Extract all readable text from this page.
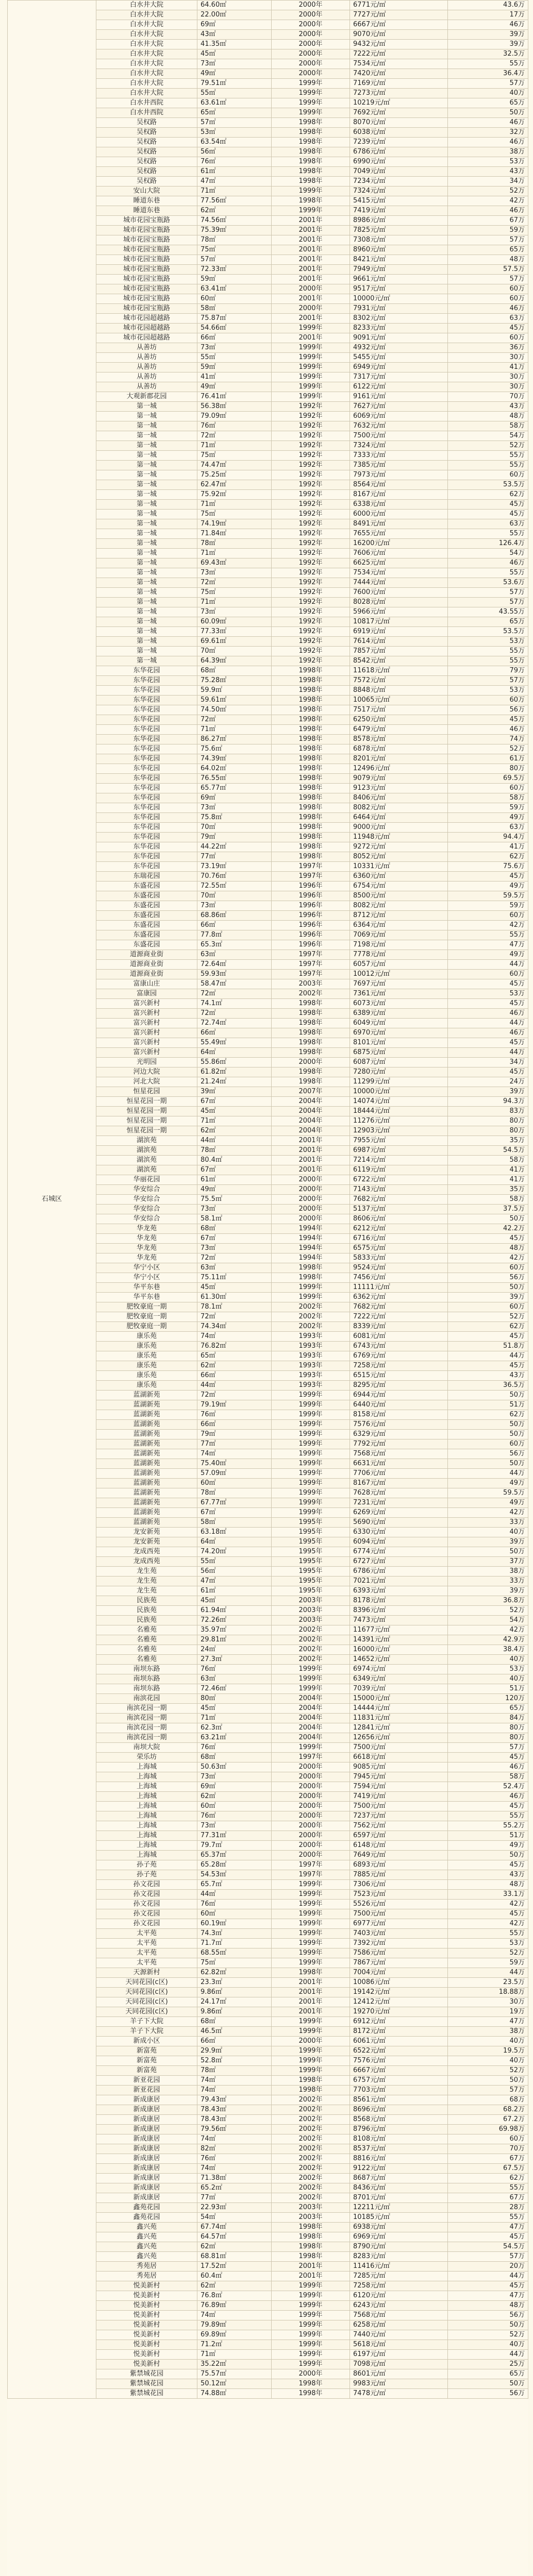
石城区	白水井大院	64.60㎡	2000年	6771元/㎡	43.6万
	白水井大院	22.00㎡	2000年	7727元/㎡	17万
	白水井大院	69㎡	2000年	6667元/㎡	46万
	白水井大院	43㎡	2000年	9070元/㎡	39万
	白水井大院	41.35㎡	2000年	9432元/㎡	39万
	白水井大院	45㎡	2000年	7222元/㎡	32.5万
	白水井大院	73㎡	2000年	7534元/㎡	55万
	白水井大院	49㎡	2000年	7420元/㎡	36.4万
	白水井大院	79.51㎡	1999年	7169元/㎡	57万
	白水井大院	55㎡	1999年	7273元/㎡	40万
	白水井西院	63.61㎡	1999年	10219元/㎡	65万
	白水井西院	65㎡	1999年	7692元/㎡	50万
	吴权路	57㎡	1998年	8070元/㎡	46万
	吴权路	53㎡	1998年	6038元/㎡	32万
	吴权路	63.54㎡	1998年	7239元/㎡	46万
	吴权路	56㎡	1998年	6786元/㎡	38万
	吴权路	76㎡	1998年	6990元/㎡	53万
	吴权路	61㎡	1998年	7049元/㎡	43万
	吴权路	47㎡	1998年	7234元/㎡	34万
	安山大院	71㎡	1999年	7324元/㎡	52万
	睡道东巷	77.56㎡	1998年	5415元/㎡	42万
	睡道东巷	62㎡	1999年	7419元/㎡	46万
	城市花园宝瓶路	74.56㎡	2001年	8986元/㎡	67万
	城市花园宝瓶路	75.39㎡	2001年	7825元/㎡	59万
	城市花园宝瓶路	78㎡	2001年	7308元/㎡	57万
	城市花园宝瓶路	75㎡	2001年	8960元/㎡	65万
	城市花园宝瓶路	57㎡	2001年	8421元/㎡	48万
	城市花园宝瓶路	72.33㎡	2001年	7949元/㎡	57.5万
	城市花园宝瓶路	59㎡	2001年	9661元/㎡	57万
	城市花园宝瓶路	63.41㎡	2000年	9517元/㎡	60万
	城市花园宝瓶路	60㎡	2001年	10000元/㎡	60万
	城市花园宝瓶路	58㎡	2000年	7931元/㎡	46万
	城市花园超越路	75.87㎡	2001年	8302元/㎡	63万
	城市花园超越路	54.66㎡	1999年	8233元/㎡	45万
	城市花园超越路	66㎡	2001年	9091元/㎡	60万
	从善坊	73㎡	1999年	4932元/㎡	36万
	从善坊	55㎡	1999年	5455元/㎡	30万
	从善坊	59㎡	1999年	6949元/㎡	41万
	从善坊	41㎡	1999年	7317元/㎡	30万
	从善坊	49㎡	1999年	6122元/㎡	30万
	大观新郡花园	76.41㎡	1999年	9161元/㎡	70万
	第一城	56.38㎡	1992年	7627元/㎡	43万
	第一城	79.09㎡	1992年	6069元/㎡	48万
	第一城	76㎡	1992年	7632元/㎡	58万
	第一城	72㎡	1992年	7500元/㎡	54万
	第一城	71㎡	1992年	7324元/㎡	52万
	第一城	75㎡	1992年	7333元/㎡	55万
	第一城	74.47㎡	1992年	7385元/㎡	55万
	第一城	75.25㎡	1992年	7973元/㎡	60万
	第一城	62.47㎡	1992年	8564元/㎡	53.5万
	第一城	75.92㎡	1992年	8167元/㎡	62万
	第一城	71㎡	1992年	6338元/㎡	45万
	第一城	75㎡	1992年	6000元/㎡	45万
	第一城	74.19㎡	1992年	8491元/㎡	63万
	第一城	71.84㎡	1992年	7655元/㎡	55万
	第一城	78㎡	1992年	16200元/㎡	126.4万
	第一城	71㎡	1992年	7606元/㎡	54万
	第一城	69.43㎡	1992年	6625元/㎡	46万
	第一城	73㎡	1992年	7534元/㎡	55万
	第一城	72㎡	1992年	7444元/㎡	53.6万
	第一城	75㎡	1992年	7600元/㎡	57万
	第一城	71㎡	1992年	8028元/㎡	57万
	第一城	73㎡	1992年	5966元/㎡	43.55万
	第一城	60.09㎡	1992年	10817元/㎡	65万
	第一城	77.33㎡	1992年	6919元/㎡	53.5万
	第一城	69.61㎡	1992年	7614元/㎡	53万
	第一城	70㎡	1992年	7857元/㎡	55万
	第一城	64.39㎡	1992年	8542元/㎡	55万
	东华花园	68㎡	1998年	11618元/㎡	79万
	东华花园	75.28㎡	1998年	7572元/㎡	57万
	东华花园	59.9㎡	1998年	8848元/㎡	53万
	东华花园	59.61㎡	1998年	10065元/㎡	60万
	东华花园	74.50㎡	1998年	7517元/㎡	56万
	东华花园	72㎡	1998年	6250元/㎡	45万
	东华花园	71㎡	1998年	6479元/㎡	46万
	东华花园	86.27㎡	1998年	8578元/㎡	74万
	东华花园	75.6㎡	1998年	6878元/㎡	52万
	东华花园	74.39㎡	1998年	8201元/㎡	61万
	东华花园	64.02㎡	1998年	12496元/㎡	80万
	东华花园	76.55㎡	1998年	9079元/㎡	69.5万
	东华花园	65.77㎡	1998年	9123元/㎡	60万
	东华花园	69㎡	1998年	8406元/㎡	58万
	东华花园	73㎡	1998年	8082元/㎡	59万
	东华花园	75.8㎡	1998年	6464元/㎡	49万
	东华花园	70㎡	1998年	9000元/㎡	63万
	东华花园	79㎡	1998年	11948元/㎡	94.4万
	东华花园	44.22㎡	1998年	9272元/㎡	41万
	东华花园	77㎡	1998年	8052元/㎡	62万
	东华花园	73.19㎡	1997年	10331元/㎡	75.6万
	东瑞花园	70.76㎡	1997年	6360元/㎡	45万
	东盛花园	72.55㎡	1996年	6754元/㎡	49万
	东盛花园	70㎡	1996年	8500元/㎡	59.5万
	东盛花园	73㎡	1996年	8082元/㎡	59万
	东盛花园	68.86㎡	1996年	8712元/㎡	60万
	东盛花园	66㎡	1996年	6364元/㎡	42万
	东盛花园	77.8㎡	1996年	7069元/㎡	55万
	东盛花园	65.3㎡	1996年	7198元/㎡	47万
	道源商业街	63㎡	1997年	7778元/㎡	49万
	道源商业街	72.64㎡	1997年	6057元/㎡	44万
	道源商业街	59.93㎡	1997年	10012元/㎡	60万
	富康山庄	58.47㎡	2003年	7697元/㎡	45万
	富康园	72㎡	2002年	7361元/㎡	53万
	富兴新村	74.1㎡	1998年	6073元/㎡	45万
	富兴新村	72㎡	1998年	6389元/㎡	46万
	富兴新村	72.74㎡	1998年	6049元/㎡	44万
	富兴新村	66㎡	1998年	6970元/㎡	46万
	富兴新村	55.49㎡	1998年	8101元/㎡	45万
	富兴新村	64㎡	1998年	6875元/㎡	44万
	光明园	55.86㎡	2000年	6087元/㎡	34万
	河边大院	61.82㎡	1998年	7280元/㎡	45万
	河北大院	21.24㎡	1998年	11299元/㎡	24万
	恒星花园	39㎡	2007年	10000元/㎡	39万
	恒星花园一期	67㎡	2004年	14074元/㎡	94.3万
	恒星花园一期	45㎡	2004年	18444元/㎡	83万
	恒星花园一期	71㎡	2004年	11276元/㎡	80万
	恒星花园一期	62㎡	2004年	12903元/㎡	80万
	湖滨苑	44㎡	2001年	7955元/㎡	35万
	湖滨苑	78㎡	2001年	6987元/㎡	54.5万
	湖滨苑	80.4㎡	2001年	7214元/㎡	58万
	湖滨苑	67㎡	2001年	6119元/㎡	41万
	华丽花园	61㎡	2000年	6722元/㎡	41万
	华安综合	49㎡	2000年	7143元/㎡	35万
	华安综合	75.5㎡	2000年	7682元/㎡	58万
	华安综合	73㎡	2000年	5137元/㎡	37.5万
	华安综合	58.1㎡	2000年	8606元/㎡	50万
	华龙苑	68㎡	1994年	6212元/㎡	42.2万
	华龙苑	67㎡	1994年	6716元/㎡	45万
	华龙苑	73㎡	1994年	6575元/㎡	48万
	华龙苑	72㎡	1994年	5833元/㎡	42万
	华宁小区	63㎡	1998年	9524元/㎡	60万
	华宁小区	75.11㎡	1998年	7456元/㎡	56万
	华平东巷	45㎡	1999年	11111元/㎡	50万
	华平东巷	61.30㎡	1999年	6362元/㎡	39万
	肥牧豪庭一期	78.1㎡	2002年	7682元/㎡	60万
	肥牧豪庭一期	72㎡	2002年	7222元/㎡	52万
	肥牧豪庭一期	74.34㎡	2002年	8339元/㎡	62万
	康乐苑	74㎡	1993年	6081元/㎡	45万
	康乐苑	76.82㎡	1993年	6743元/㎡	51.8万
	康乐苑	65㎡	1993年	6769元/㎡	44万
	康乐苑	62㎡	1993年	7258元/㎡	45万
	康乐苑	66㎡	1993年	6515元/㎡	43万
	康乐苑	44㎡	1993年	8295元/㎡	36.5万
	蓝湖新苑	72㎡	1999年	6944元/㎡	50万
	蓝湖新苑	79.19㎡	1999年	6440元/㎡	51万
	蓝湖新苑	76㎡	1999年	8158元/㎡	62万
	蓝湖新苑	66㎡	1999年	7576元/㎡	50万
	蓝湖新苑	79㎡	1999年	6329元/㎡	50万
	蓝湖新苑	77㎡	1999年	7792元/㎡	60万
	蓝湖新苑	74㎡	1999年	7568元/㎡	56万
	蓝湖新苑	75.40㎡	1999年	6631元/㎡	50万
	蓝湖新苑	57.09㎡	1999年	7706元/㎡	44万
	蓝湖新苑	60㎡	1999年	8167元/㎡	49万
	蓝湖新苑	78㎡	1999年	7628元/㎡	59.5万
	蓝湖新苑	67.77㎡	1999年	7231元/㎡	49万
	蓝湖新苑	67㎡	1999年	6269元/㎡	42万
	蓝湖新苑	58㎡	1995年	5690元/㎡	33万
	龙安新苑	63.18㎡	1995年	6330元/㎡	40万
	龙安新苑	64㎡	1995年	6094元/㎡	39万
	龙成西苑	74.20㎡	1995年	6774元/㎡	50万
	龙成西苑	55㎡	1995年	6727元/㎡	37万
	龙生苑	56㎡	1995年	6786元/㎡	38万
	龙生苑	47㎡	1995年	7021元/㎡	33万
	龙生苑	61㎡	1995年	6393元/㎡	39万
	民族苑	45㎡	2003年	8178元/㎡	36.8万
	民族苑	61.94㎡	2003年	8396元/㎡	52万
	民族苑	72.26㎡	2003年	7473元/㎡	54万
	名雅苑	35.97㎡	2002年	11677元/㎡	42万
	名雅苑	29.81㎡	2002年	14391元/㎡	42.9万
	名雅苑	24㎡	2002年	16000元/㎡	38.4万
	名雅苑	27.3㎡	2002年	14652元/㎡	40万
	南坝东路	76㎡	1999年	6974元/㎡	53万
	南坝东路	63㎡	1999年	6349元/㎡	40万
	南坝东路	72.46㎡	1999年	7039元/㎡	51万
	南滨花园	80㎡	2004年	15000元/㎡	120万
	南滨花园一期	45㎡	2004年	14444元/㎡	65万
	南滨花园一期	71㎡	2004年	11831元/㎡	84万
	南滨花园一期	62.3㎡	2004年	12841元/㎡	80万
	南滨花园一期	63.21㎡	2004年	12656元/㎡	80万
	南坝大院	76㎡	1999年	7500元/㎡	57万
	荣乐坊	68㎡	1997年	6618元/㎡	45万
	上海城	50.63㎡	2000年	9085元/㎡	46万
	上海城	73㎡	2000年	7945元/㎡	58万
	上海城	69㎡	2000年	7594元/㎡	52.4万
	上海城	62㎡	2000年	7419元/㎡	46万
	上海城	60㎡	2000年	7500元/㎡	45万
	上海城	76㎡	2000年	7237元/㎡	55万
	上海城	73㎡	2000年	7562元/㎡	55.2万
	上海城	77.31㎡	2000年	6597元/㎡	51万
	上海城	79.7㎡	2000年	6148元/㎡	49万
	上海城	65.37㎡	2000年	7649元/㎡	50万
	孙子苑	65.28㎡	1997年	6893元/㎡	45万
	孙子苑	54.53㎡	1997年	7885元/㎡	43万
	孙文花园	65.7㎡	1999年	7306元/㎡	48万
	孙文花园	44㎡	1999年	7523元/㎡	33.1万
	孙文花园	76㎡	1999年	5526元/㎡	42万
	孙文花园	60㎡	1999年	7500元/㎡	45万
	孙文花园	60.19㎡	1999年	6977元/㎡	42万
	太平苑	74.3㎡	1999年	7403元/㎡	55万
	太平苑	71.7㎡	1999年	7392元/㎡	53万
	太平苑	68.55㎡	1999年	7586元/㎡	52万
	太平苑	75㎡	1999年	7867元/㎡	59万
	天源新村	62.82㎡	1998年	7004元/㎡	44万
	天同花园(c区)	23.3㎡	2001年	10086元/㎡	23.5万
	天同花园(c区)	9.86㎡	2001年	19142元/㎡	18.88万
	天同花园(c区)	24.17㎡	2001年	12412元/㎡	30万
	天同花园(c区)	9.86㎡	2001年	19270元/㎡	19万
	羊子下大院	68㎡	1999年	6912元/㎡	47万
	羊子下大院	46.5㎡	1999年	8172元/㎡	38万
	新成小区	66㎡	2000年	6061元/㎡	40万
	新富苑	29.9㎡	1999年	6522元/㎡	19.5万
	新富苑	52.8㎡	1999年	7576元/㎡	40万
	新富苑	78㎡	1999年	6667元/㎡	52万
	新亚花园	74㎡	1998年	6757元/㎡	50万
	新亚花园	74㎡	1998年	7703元/㎡	57万
	新成康居	79.43㎡	2002年	8561元/㎡	68万
	新成康居	78.43㎡	2002年	8696元/㎡	68.2万
	新成康居	78.43㎡	2002年	8568元/㎡	67.2万
	新成康居	79.56㎡	2002年	8796元/㎡	69.98万
	新成康居	74㎡	2002年	8108元/㎡	60万
	新成康居	82㎡	2002年	8537元/㎡	70万
	新成康居	76㎡	2002年	8816元/㎡	67万
	新成康居	74㎡	2002年	9122元/㎡	67.5万
	新成康居	71.38㎡	2002年	8687元/㎡	62万
	新成康居	65.2㎡	2002年	8436元/㎡	55万
	新成康居	77㎡	2002年	8701元/㎡	67万
	鑫苑花园	22.93㎡	2003年	12211元/㎡	28万
	鑫苑花园	54㎡	2003年	10185元/㎡	55万
	鑫兴苑	67.74㎡	1998年	6938元/㎡	47万
	鑫兴苑	64.57㎡	1998年	6969元/㎡	45万
	鑫兴苑	62㎡	1998年	8790元/㎡	54.5万
	鑫兴苑	68.81㎡	1998年	8283元/㎡	57万
	秀苑居	17.52㎡	2001年	11416元/㎡	20万
	秀苑居	60.4㎡	2001年	7285元/㎡	44万
	悦美新村	62㎡	1999年	7258元/㎡	45万
	悦美新村	76.8㎡	1999年	6120元/㎡	47万
	悦美新村	76.89㎡	1999年	6243元/㎡	48万
	悦美新村	74㎡	1999年	7568元/㎡	56万
	悦美新村	79.89㎡	1999年	6258元/㎡	50万
	悦美新村	69.89㎡	1999年	7440元/㎡	52万
	悦美新村	71.2㎡	1999年	5618元/㎡	40万
	悦美新村	71㎡	1999年	6197元/㎡	44万
	悦美新村	35.22㎡	1999年	7098元/㎡	25万
	紫禁城花园	75.57㎡	2000年	8601元/㎡	65万
	紫禁城花园	50.12㎡	1998年	9983元/㎡	50万
	紫禁城花园	74.88㎡	1998年	7478元/㎡	56万
